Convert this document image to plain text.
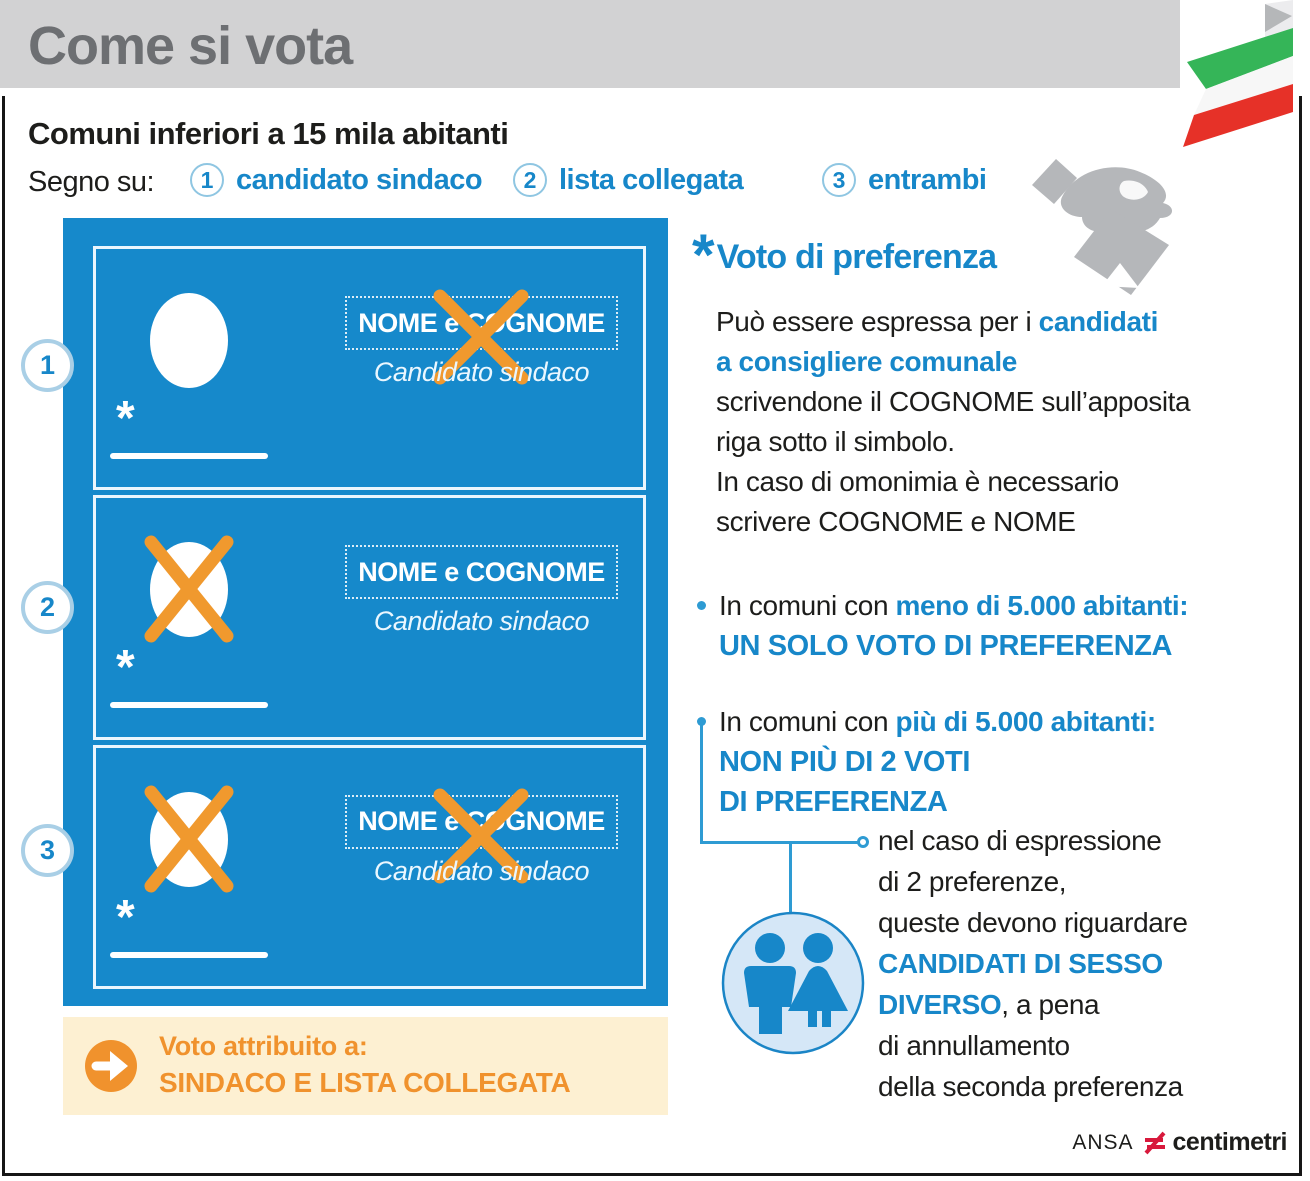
Come si vota
Comuni inferiori a 15 mila abitanti
Segno su:	1 candidato sindaco	2 lista collegata	3 entrambi
NOME e COGNOME
Candidato sindaco
*
NOME e COGNOME
Candidato sindaco
*
NOME e COGNOME
Candidato sindaco
*
1
2
3
Voto attribuito a:
SINDACO E LISTA COLLEGATA
* Voto di preferenza
Può essere espressa per i candidati
a consigliere comunale
scrivendone il COGNOME sull’apposita
riga sotto il simbolo.
In caso di omonimia è necessario
scrivere COGNOME e NOME
In comuni con meno di 5.000 abitanti:
UN SOLO VOTO DI PREFERENZA
In comuni con più di 5.000 abitanti:
NON PIÙ DI 2 VOTI
DI PREFERENZA
nel caso di espressione
di 2 preferenze,
queste devono riguardare
CANDIDATI DI SESSO
DIVERSO, a pena
di annullamento
della seconda preferenza
ANSA centimetri
